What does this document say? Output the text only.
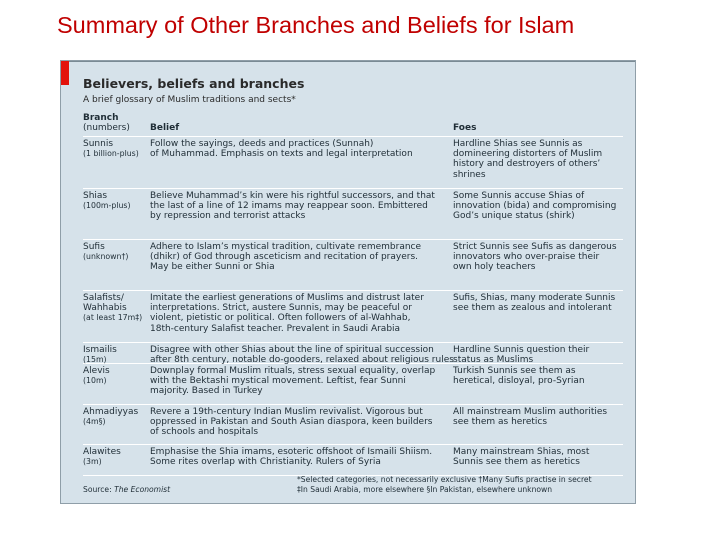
Summary of Other Branches and Beliefs for Islam
Believers, beliefs and branches
A brief glossary of Muslim traditions and sects*
Branch
(numbers) Belief	Foes
Sunnis
(1 billion-plus)
Follow the sayings, deeds and practices (Sunnah)
of Muhammad. Emphasis on texts and legal interpretation
Hardline Shias see Sunnis as
domineering distorters of Muslim
history and destroyers of others’
shrines
Shias
(100m-plus)
Believe Muhammad’s kin were his rightful successors, and that
the last of a line of 12 imams may reappear soon. Embittered
by repression and terrorist attacks
Some Sunnis accuse Shias of
innovation (bida) and compromising
God’s unique status (shirk)
Sufis
(unknown†)
Adhere to Islam’s mystical tradition, cultivate remembrance
(dhikr) of God through asceticism and recitation of prayers.
May be either Sunni or Shia
Strict Sunnis see Sufis as dangerous
innovators who over-praise their
own holy teachers
Salafists/
Wahhabis
(at least 17m‡)
Imitate the earliest generations of Muslims and distrust later
interpretations. Strict, austere Sunnis, may be peaceful or
violent, pietistic or political. Often followers of al-Wahhab,
18th-century Salafist teacher. Prevalent in Saudi Arabia
Sufis, Shias, many moderate Sunnis
see them as zealous and intolerant
Ismailis
(15m)
Disagree with other Shias about the line of spiritual succession
after 8th century, notable do-gooders, relaxed about religious rules
Hardline Sunnis question their
status as Muslims
Alevis
(10m)
Downplay formal Muslim rituals, stress sexual equality, overlap
with the Bektashi mystical movement. Leftist, fear Sunni
majority. Based in Turkey
Turkish Sunnis see them as
heretical, disloyal, pro-Syrian
Ahmadiyyas
(4m§)
Revere a 19th-century Indian Muslim revivalist. Vigorous but
oppressed in Pakistan and South Asian diaspora, keen builders
of schools and hospitals
All mainstream Muslim authorities
see them as heretics
Alawites
(3m)
Emphasise the Shia imams, esoteric offshoot of Ismaili Shiism.
Some rites overlap with Christianity. Rulers of Syria
Many mainstream Shias, most
Sunnis see them as heretics
*Selected categories, not necessarily exclusive †Many Sufis practise in secret
‡In Saudi Arabia, more elsewhere §In Pakistan, elsewhere unknown
Source: The Economist
